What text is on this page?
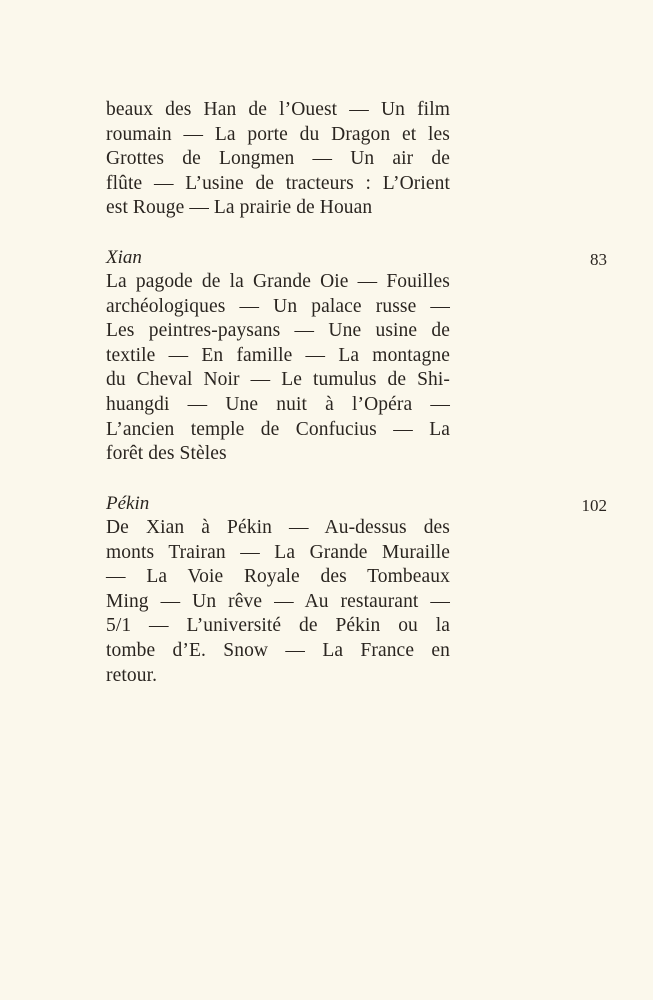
beaux des Han de l’Ouest — Un film
roumain — La porte du Dragon et les
Grottes de Longmen — Un air de
flûte — L’usine de tracteurs : L’Orient
est Rouge — La prairie de Houan
Xian	83
La pagode de la Grande Oie — Fouilles
archéologiques — Un palace russe —
Les peintres-paysans — Une usine de
textile — En famille — La montagne
du Cheval Noir — Le tumulus de Shi-
huangdi — Une nuit à l’Opéra —
L’ancien temple de Confucius — La
forêt des Stèles
Pékin	102
De Xian à Pékin — Au-dessus des
monts Trairan — La Grande Muraille
— La Voie Royale des Tombeaux
Ming — Un rêve — Au restaurant —
5/1 — L’université de Pékin ou la
tombe d’E. Snow — La France en
retour.
